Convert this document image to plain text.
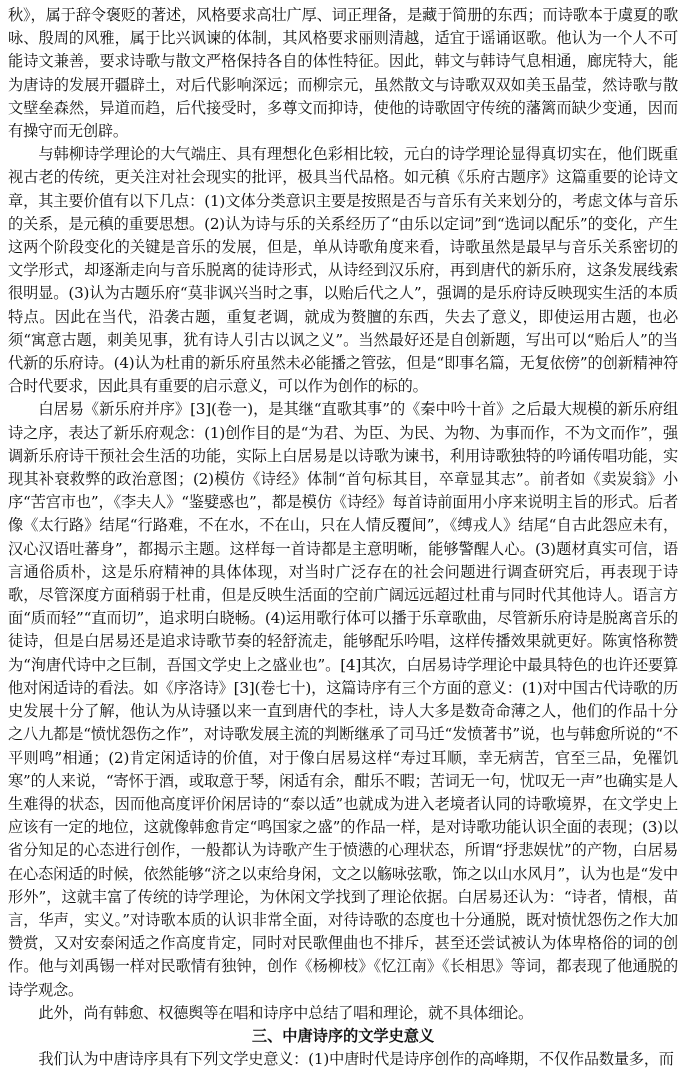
秋》，属于辞令褒贬的著述，风格要求高壮广厚、词正理备，是藏于简册的东西；而诗歌本于虞夏的歌咏、殷周的风雅，属于比兴讽谏的体制，其风格要求丽则清越，适宜于谣诵讴歌。他认为一个人不可能诗文兼善，要求诗歌与散文严格保持各自的体性特征。因此，韩文与韩诗气息相通，廊庑特大，能为唐诗的发展开疆辟土，对后代影响深远；而柳宗元，虽然散文与诗歌双双如美玉晶莹，然诗歌与散文壁垒森然，异道而趋，后代接受时，多尊文而抑诗，使他的诗歌固守传统的藩篱而缺少变通，因而有操守而无创辟。

与韩柳诗学理论的大气端庄、具有理想化色彩相比较，元白的诗学理论显得真切实在，他们既重视古老的传统，更关注对社会现实的批评，极具当代品格。如元稹《乐府古题序》这篇重要的论诗文章，其主要价值有以下几点：(1)文体分类意识主要是按照是否与音乐有关来划分的，考虑文体与音乐的关系，是元稹的重要思想。(2)认为诗与乐的关系经历了“由乐以定词”到“选词以配乐”的变化，产生这两个阶段变化的关键是音乐的发展，但是，单从诗歌角度来看，诗歌虽然是最早与音乐关系密切的文学形式，却逐渐走向与音乐脱离的徒诗形式，从诗经到汉乐府，再到唐代的新乐府，这条发展线索很明显。(3)认为古题乐府“莫非讽兴当时之事，以贻后代之人”，强调的是乐府诗反映现实生活的本质特点。因此在当代，沿袭古题，重复老调，就成为赘膻的东西，失去了意义，即使运用古题，也必须“寓意古题，刺美见事，犹有诗人引古以讽之义”。当然最好还是自创新题，写出可以“贻后人”的当代新的乐府诗。(4)认为杜甫的新乐府虽然未必能播之管弦，但是“即事名篇，无复依傍”的创新精神符合时代要求，因此具有重要的启示意义，可以作为创作的标的。

白居易《新乐府并序》[3](卷一)，是其继“直歌其事”的《秦中吟十首》之后最大规模的新乐府组诗之序，表达了新乐府观念：(1)创作目的是“为君、为臣、为民、为物、为事而作，不为文而作”，强调新乐府诗干预社会生活的功能，实际上白居易是以诗歌为谏书，利用诗歌独特的吟诵传唱功能，实现其补衰救弊的政治意图；(2)模仿《诗经》体制“首句标其目，卒章显其志”。前者如《卖炭翁》小序“苦宫市也”，《李夫人》“鉴嬖惑也”，都是模仿《诗经》每首诗前面用小序来说明主旨的形式。后者像《太行路》结尾“行路难，不在水，不在山，只在人情反覆间”，《缚戎人》结尾“自古此怨应未有，汉心汉语吐蕃身”，都揭示主题。这样每一首诗都是主意明晰，能够警醒人心。(3)题材真实可信，语言通俗质朴，这是乐府精神的具体体现，对当时广泛存在的社会问题进行调查研究后，再表现于诗歌，尽管深度方面稍弱于杜甫，但是反映生活面的空前广阔远远超过杜甫与同时代其他诗人。语言方面“质而轻”“直而切”，追求明白晓畅。(4)运用歌行体可以播于乐章歌曲，尽管新乐府诗是脱离音乐的徒诗，但是白居易还是追求诗歌节奏的轻舒流走，能够配乐吟唱，这样传播效果就更好。陈寅恪称赞为“洵唐代诗中之巨制，吾国文学史上之盛业也”。[4]其次，白居易诗学理论中最具特色的也许还要算他对闲适诗的看法。如《序洛诗》[3](卷七十)，这篇诗序有三个方面的意义：(1)对中国古代诗歌的历史发展十分了解，他认为从诗骚以来一直到唐代的李杜，诗人大多是数奇命薄之人，他们的作品十分之八九都是“愤忧怨伤之作”，对诗歌发展主流的判断继承了司马迁“发愤著书”说，也与韩愈所说的“不平则鸣”相通；(2)肯定闲适诗的价值，对于像白居易这样“寿过耳顺，幸无病苦，官至三品，免罹饥寒”的人来说，“寄怀于酒，或取意于琴，闲适有余，酣乐不暇；苦词无一句，忧叹无一声”也确实是人生难得的状态，因而他高度评价闲居诗的“泰以适”也就成为进入老境者认同的诗歌境界，在文学史上应该有一定的地位，这就像韩愈肯定“鸣国家之盛”的作品一样，是对诗歌功能认识全面的表现；(3)以省分知足的心态进行创作，一般都认为诗歌产生于愤懑的心理状态，所谓“抒悲娱忧”的产物，白居易在心态闲适的时候，依然能够“济之以束给身闲，文之以觞咏弦歌，饰之以山水风月”，认为也是“发中形外”，这就丰富了传统的诗学理论，为休闲文学找到了理论依据。白居易还认为：“诗者，情根，苗言，华声，实义。”对诗歌本质的认识非常全面，对待诗歌的态度也十分通脱，既对愤忧怨伤之作大加赞赏，又对安泰闲适之作高度肯定，同时对民歌俚曲也不排斥，甚至还尝试被认为体卑格俗的词的创作。他与刘禹锡一样对民歌情有独钟，创作《杨柳枝》《忆江南》《长相思》等词，都表现了他通脱的诗学观念。

此外，尚有韩愈、权德舆等在唱和诗序中总结了唱和理论，就不具体细论。

三、中唐诗序的文学史意义

我们认为中唐诗序具有下列文学史意义：(1)中唐时代是诗序创作的高峰期，不仅作品数量多，而
